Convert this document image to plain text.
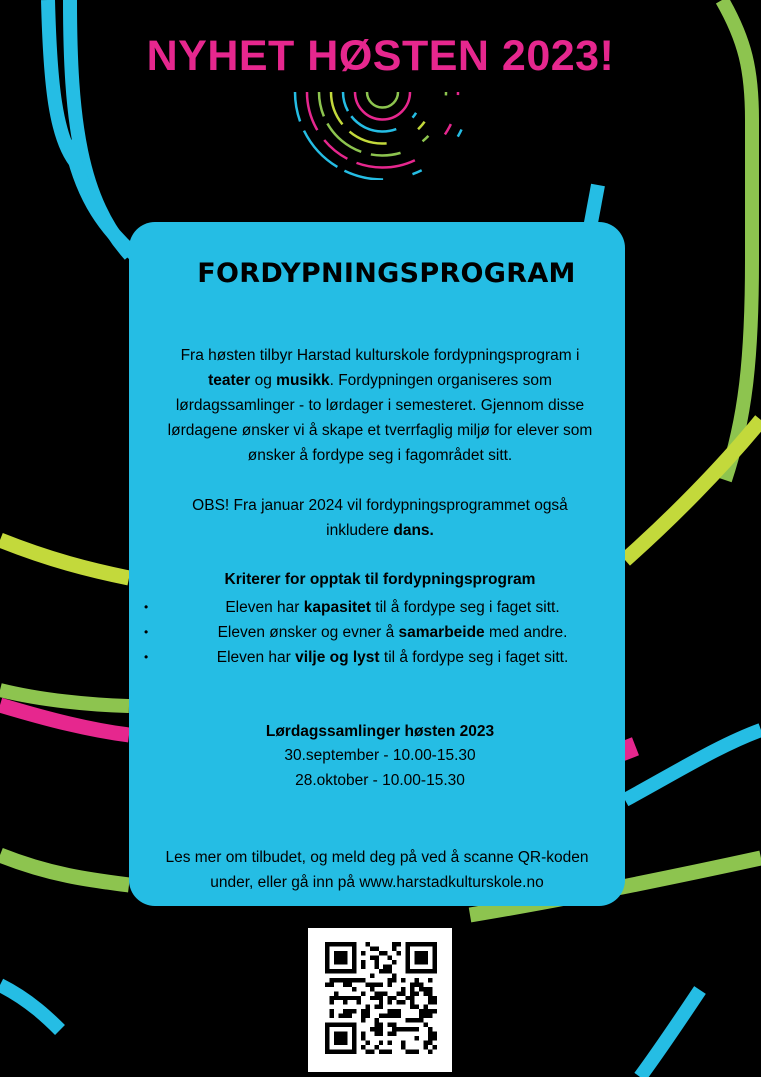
NYHET HØSTEN 2023!
FORDYPNINGSPROGRAM
Fra høsten tilbyr Harstad kulturskole fordypningsprogram i
teater og musikk. Fordypningen organiseres som
lørdagssamlinger - to lørdager i semesteret. Gjennom disse
lørdagene ønsker vi å skape et tverrfaglig miljø for elever som
ønsker å fordype seg i fagområdet sitt.
OBS! Fra januar 2024 vil fordypningsprogrammet også
inkludere dans.
Kriterer for opptak til fordypningsprogram
•	Eleven har kapasitet til å fordype seg i faget sitt.
•	Eleven ønsker og evner å samarbeide med andre.
•	Eleven har vilje og lyst til å fordype seg i faget sitt.
Lørdagssamlinger høsten 2023
30.september - 10.00-15.30
28.oktober - 10.00-15.30
Les mer om tilbudet, og meld deg på ved å scanne QR-koden
under, eller gå inn på www.harstadkulturskole.no
